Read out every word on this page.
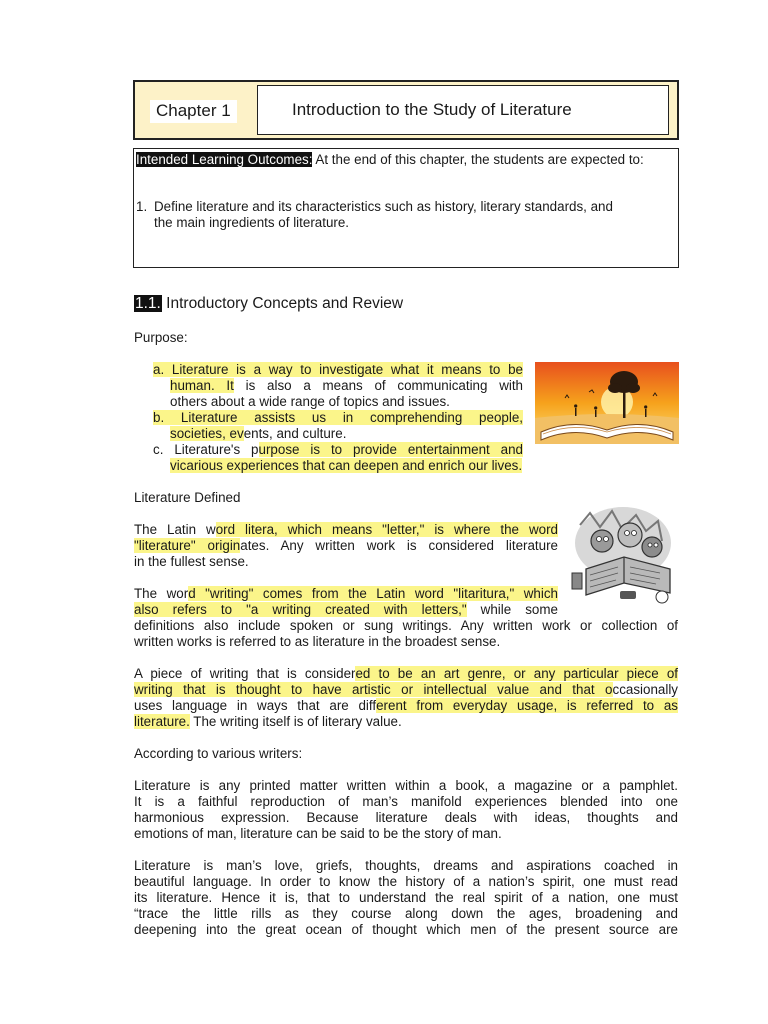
Chapter 1	Introduction to the Study of Literature
Intended Learning Outcomes: At the end of this chapter, the students are expected to:
1. Define literature and its characteristics such as history, literary standards, and
the main ingredients of literature.
1.1. Introductory Concepts and Review
Purpose:
a. Literature is a way to investigate what it means to be
human. It is also a means of communicating with
others about a wide range of topics and issues.
b. Literature assists us in comprehending people,
societies, events, and culture.
c. Literature's purpose is to provide entertainment and
vicarious experiences that can deepen and enrich our lives.
Literature Defined
The Latin word litera, which means "letter," is where the word
"literature" originates. Any written work is considered literature
in the fullest sense.
The word "writing" comes from the Latin word "litaritura," which
also refers to "a writing created with letters," while some
definitions also include spoken or sung writings. Any written work or collection of
written works is referred to as literature in the broadest sense.
A piece of writing that is considered to be an art genre, or any particular piece of
writing that is thought to have artistic or intellectual value and that occasionally
uses language in ways that are different from everyday usage, is referred to as
literature. The writing itself is of literary value.
According to various writers:
Literature is any printed matter written within a book, a magazine or a pamphlet.
It is a faithful reproduction of man’s manifold experiences blended into one
harmonious expression. Because literature deals with ideas, thoughts and
emotions of man, literature can be said to be the story of man.
Literature is man’s love, griefs, thoughts, dreams and aspirations coached in
beautiful language. In order to know the history of a nation’s spirit, one must read
its literature. Hence it is, that to understand the real spirit of a nation, one must
“trace the little rills as they course along down the ages, broadening and
deepening into the great ocean of thought which men of the present source are
